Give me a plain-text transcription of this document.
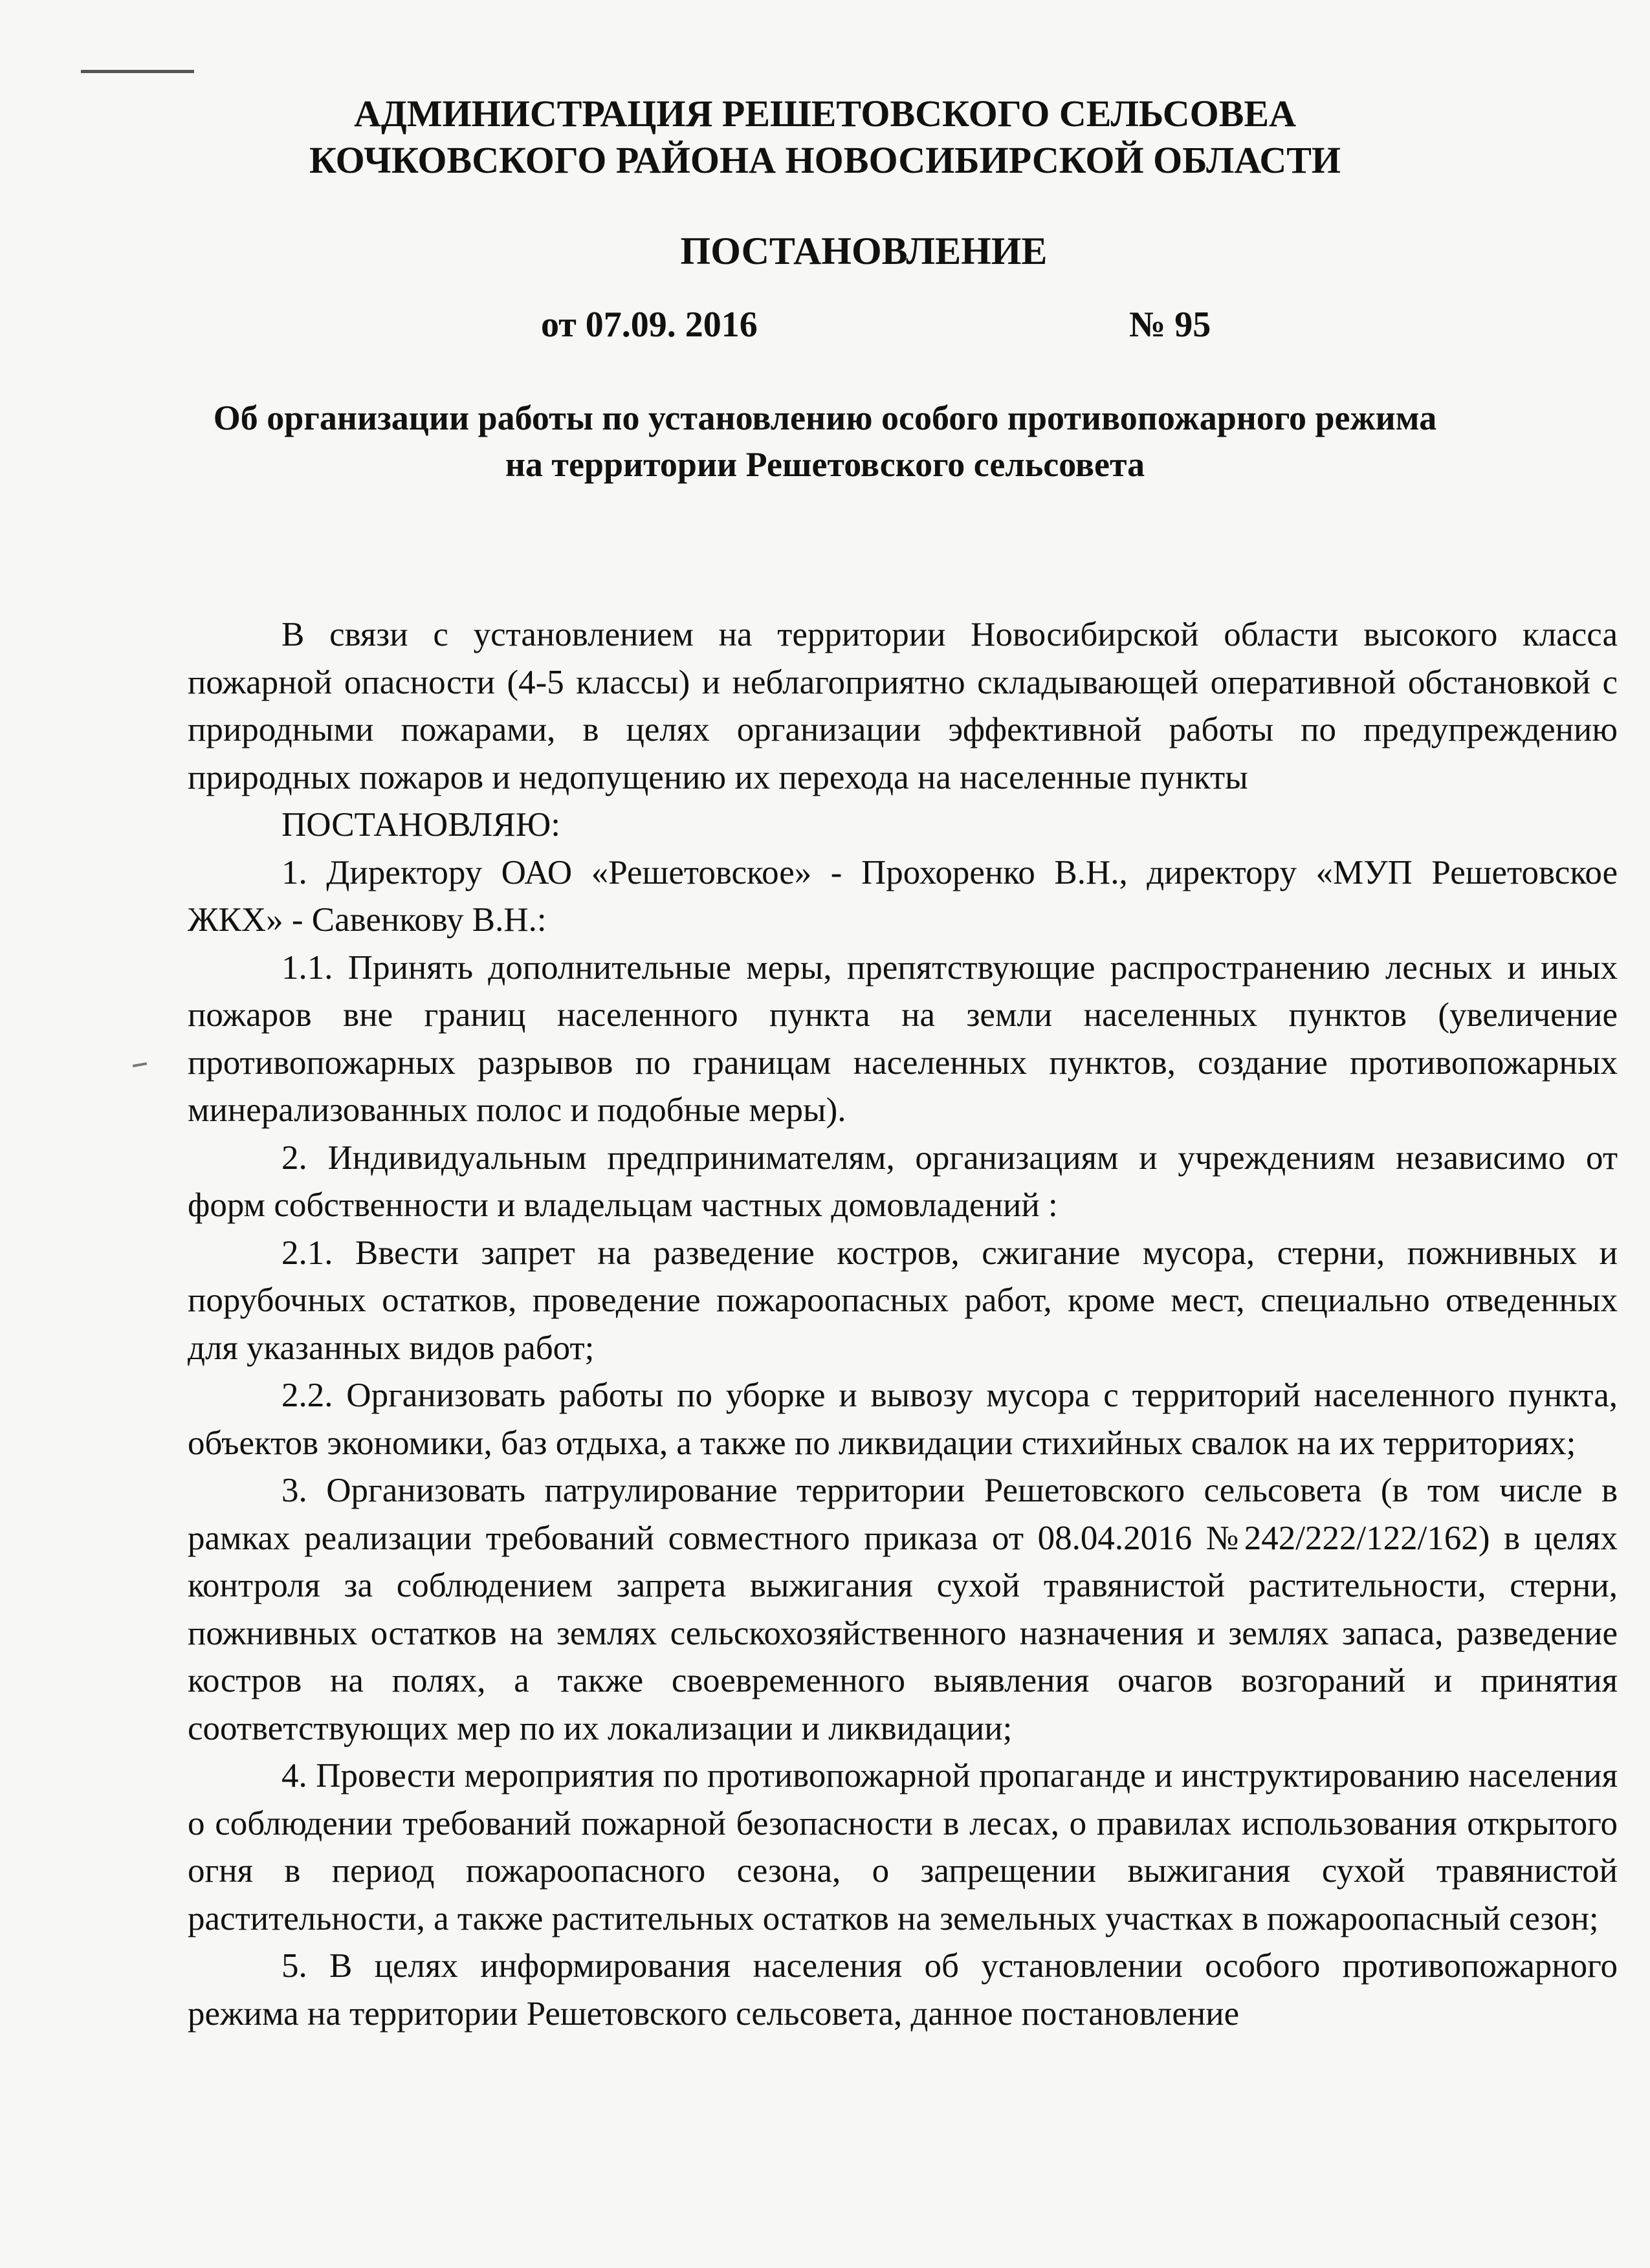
АДМИНИСТРАЦИЯ РЕШЕТОВСКОГО СЕЛЬСОВЕА
КОЧКОВСКОГО РАЙОНА НОВОСИБИРСКОЙ ОБЛАСТИ
ПОСТАНОВЛЕНИЕ
от 07.09. 2016	№ 95
Об организации работы по установлению особого противопожарного режима
на территории Решетовского сельсовета

В связи с установлением на территории Новосибирской области высокого класса пожарной опасности (4-5 классы) и неблагоприятно складывающей оперативной обстановкой с природными пожарами, в целях организации эффективной работы по предупреждению природных пожаров и недопущению их перехода на населенные пункты

ПОСТАНОВЛЯЮ:

1. Директору ОАО «Решетовское» - Прохоренко В.Н., директору «МУП Решетовское ЖКХ» - Савенкову В.Н.:

1.1. Принять дополнительные меры, препятствующие распространению лесных и иных пожаров вне границ населенного пункта на земли населенных пунктов (увеличение противопожарных разрывов по границам населенных пунктов, создание противопожарных минерализованных полос и подобные меры).

2. Индивидуальным предпринимателям, организациям и учреждениям независимо от форм собственности и владельцам частных домовладений :

2.1. Ввести запрет на разведение костров, сжигание мусора, стерни, пожнивных и порубочных остатков, проведение пожароопасных работ, кроме мест, специально отведенных для указанных видов работ;

2.2. Организовать работы по уборке и вывозу мусора с территорий населенного пункта, объектов экономики, баз отдыха, а также по ликвидации стихийных свалок на их территориях;

3. Организовать патрулирование территории Решетовского сельсовета (в том числе в рамках реализации требований совместного приказа от 08.04.2016 №242/222/122/162) в целях контроля за соблюдением запрета выжигания сухой травянистой растительности, стерни, пожнивных остатков на землях сельскохозяйственного назначения и землях запаса, разведение костров на полях, а также своевременного выявления очагов возгораний и принятия соответствующих мер по их локализации и ликвидации;

4. Провести мероприятия по противопожарной пропаганде и инструктированию населения о соблюдении требований пожарной безопасности в лесах, о правилах использования открытого огня в период пожароопасного сезона, о запрещении выжигания сухой травянистой растительности, а также растительных остатков на земельных участках в пожароопасный сезон;

5. В целях информирования населения об установлении особого противопожарного режима на территории Решетовского сельсовета, данное постановление
